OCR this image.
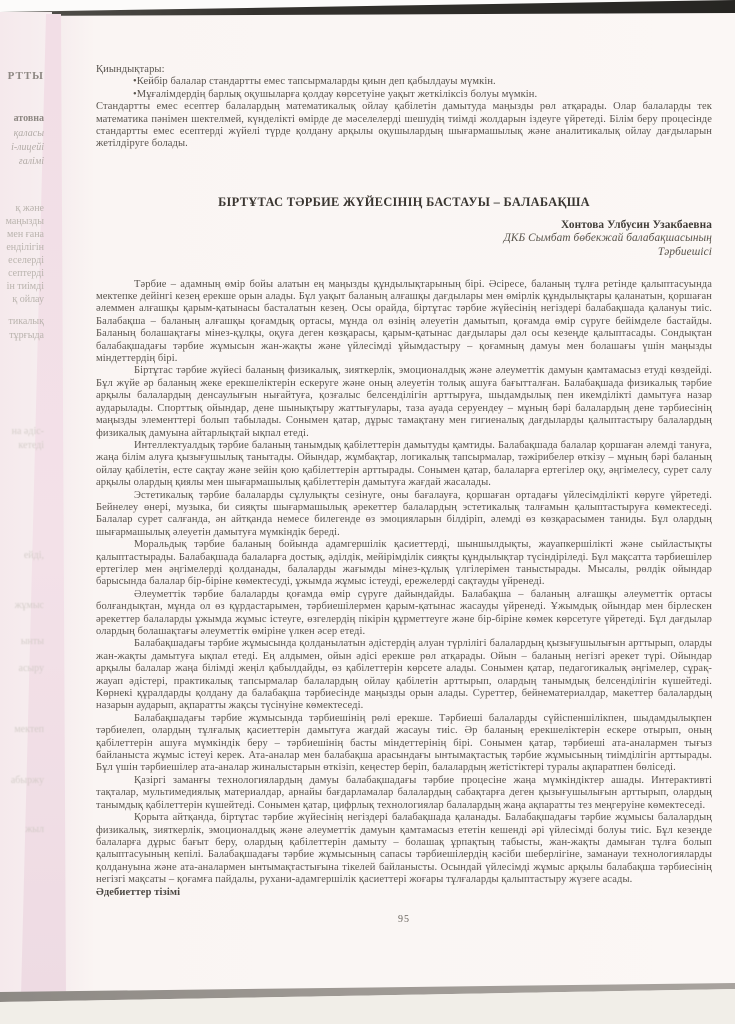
РТТЫ
атовна
қаласы
і-лицейі
ғалімі
қ және
маңызды
мен ғана
енділігін
еселерді
септерді
ін тиімді
қ ойлау
тикалық
тұрғыда
на әдіс-
кетеді
ейді,
жұмыс
ынты
асыру
мектеп
абыржу
жыл
Қиындықтары:
•Кейбір балалар стандартты емес тапсырмаларды қиын деп қабылдауы мүмкін.
•Мұғалімдердің барлық оқушыларға қолдау көрсетуіне уақыт жеткіліксіз болуы мүмкін.

Стандартты емес есептер балалардың математикалық ойлау қабілетін дамытуда маңызды рөл атқарады. Олар балаларды тек математика пәнімен шектелмей, күнделікті өмірде де мәселелерді шешудің тиімді жолдарын іздеуге үйретеді. Білім беру процесінде стандартты емес есептерді жүйелі түрде қолдану арқылы оқушылардың шығармашылық және аналитикалық ойлау дағдыларын жетілдіруге болады.

БІРТҰТАС ТӘРБИЕ ЖҮЙЕСІНІҢ БАСТАУЫ – БАЛАБАҚША
Хонтова Улбусин Узакбаевна
ДКБ Сымбат бөбекжай балабақшасының
Тәрбиешісі

Тәрбие – адамның өмір бойы алатын ең маңызды құндылықтарының бірі. Әсіресе, баланың тұлға ретінде қалыптасуында мектепке дейінгі кезең ерекше орын алады. Бұл уақыт баланың алғашқы дағдылары мен өмірлік құндылықтары қаланатын, қоршаған әлеммен алғашқы қарым-қатынасы басталатын кезең. Осы орайда, біртұтас тәрбие жүйесінің негіздері балабақшада қалануы тиіс. Балабақша – баланың алғашқы қоғамдық ортасы, мұнда ол өзінің әлеуетін дамытып, қоғамда өмір сүруге бейімделе бастайды. Баланың болашақтағы мінез-құлқы, оқуға деген көзқарасы, қарым-қатынас дағдылары дәл осы кезеңде қалыптасады. Сондықтан балабақшадағы тәрбие жұмысын жан-жақты және үйлесімді ұйымдастыру – қоғамның дамуы мен болашағы үшін маңызды міндеттердің бірі.

Біртұтас тәрбие жүйесі баланың физикалық, зияткерлік, эмоционалдық және әлеуметтік дамуын қамтамасыз етуді көздейді. Бұл жүйе әр баланың жеке ерекшеліктерін ескеруге және оның әлеуетін толық ашуға бағытталған. Балабақшада физикалық тәрбие арқылы балалардың денсаулығын нығайтуға, қозғалыс белсенділігін арттыруға, шыдамдылық пен икемділікті дамытуға назар аударылады. Спорттық ойындар, дене шынықтыру жаттығулары, таза ауада серуендеу – мұның бәрі балалардың дене тәрбиесінің маңызды элементтері болып табылады. Сонымен қатар, дұрыс тамақтану мен гигиеналық дағдыларды қалыптастыру балалардың физикалық дамуына айтарлықтай ықпал етеді.

Интеллектуалдық тәрбие баланың танымдық қабілеттерін дамытуды қамтиды. Балабақшада балалар қоршаған әлемді тануға, жаңа білім алуға қызығушылық танытады. Ойындар, жұмбақтар, логикалық тапсырмалар, тәжірибелер өткізу – мұның бәрі баланың ойлау қабілетін, есте сақтау және зейін қою қабілеттерін арттырады. Сонымен қатар, балаларға ертегілер оқу, әңгімелесу, сурет салу арқылы олардың қиялы мен шығармашылық қабілеттерін дамытуға жағдай жасалады.

Эстетикалық тәрбие балаларды сұлулықты сезінуге, оны бағалауға, қоршаған ортадағы үйлесімділікті көруге үйретеді. Бейнелеу өнері, музыка, би сияқты шығармашылық әрекеттер балалардың эстетикалық талғамын қалыптастыруға көмектеседі. Балалар сурет салғанда, ән айтқанда немесе билегенде өз эмоцияларын білдіріп, әлемді өз көзқарасымен таниды. Бұл олардың шығармашылық әлеуетін дамытуға мүмкіндік береді.

Моральдық тәрбие баланың бойында адамгершілік қасиеттерді, шыншылдықты, жауапкершілікті және сыйластықты қалыптастырады. Балабақшада балаларға достық, әділдік, мейірімділік сияқты құндылықтар түсіндіріледі. Бұл мақсатта тәрбиешілер ертегілер мен әңгімелерді қолданады, балаларды жағымды мінез-құлық үлгілерімен таныстырады. Мысалы, рөлдік ойындар барысында балалар бір-біріне көмектесуді, ұжымда жұмыс істеуді, ережелерді сақтауды үйренеді.

Әлеуметтік тәрбие балаларды қоғамда өмір сүруге дайындайды. Балабақша – баланың алғашқы әлеуметтік ортасы болғандықтан, мұнда ол өз құрдастарымен, тәрбиешілермен қарым-қатынас жасауды үйренеді. Ұжымдық ойындар мен бірлескен әрекеттер балаларды ұжымда жұмыс істеуге, өзгелердің пікірін құрметтеуге және бір-біріне көмек көрсетуге үйретеді. Бұл дағдылар олардың болашақтағы әлеуметтік өміріне үлкен әсер етеді.

Балабақшадағы тәрбие жұмысында қолданылатын әдістердің алуан түрлілігі балалардың қызығушылығын арттырып, оларды жан-жақты дамытуға ықпал етеді. Ең алдымен, ойын әдісі ерекше рөл атқарады. Ойын – баланың негізгі әрекет түрі. Ойындар арқылы балалар жаңа білімді жеңіл қабылдайды, өз қабілеттерін көрсете алады. Сонымен қатар, педагогикалық әңгімелер, сұрақ-жауап әдістері, практикалық тапсырмалар балалардың ойлау қабілетін арттырып, олардың танымдық белсенділігін күшейтеді. Көрнекі құралдарды қолдану да балабақша тәрбиесінде маңызды орын алады. Суреттер, бейнематериалдар, макеттер балалардың назарын аударып, ақпаратты жақсы түсінуіне көмектеседі.

Балабақшадағы тәрбие жұмысында тәрбиешінің рөлі ерекше. Тәрбиеші балаларды сүйіспеншілікпен, шыдамдылықпен тәрбиелеп, олардың тұлғалық қасиеттерін дамытуға жағдай жасауы тиіс. Әр баланың ерекшеліктерін ескере отырып, оның қабілеттерін ашуға мүмкіндік беру – тәрбиешінің басты міндеттерінің бірі. Сонымен қатар, тәрбиеші ата-аналармен тығыз байланыста жұмыс істеуі керек. Ата-аналар мен балабақша арасындағы ынтымақтастық тәрбие жұмысының тиімділігін арттырады. Бұл үшін тәрбиешілер ата-аналар жиналыстарын өткізіп, кеңестер беріп, балалардың жетістіктері туралы ақпаратпен бөліседі.

Қазіргі заманғы технологиялардың дамуы балабақшадағы тәрбие процесіне жаңа мүмкіндіктер ашады. Интерактивті тақталар, мультимедиялық материалдар, арнайы бағдарламалар балалардың сабақтарға деген қызығушылығын арттырып, олардың танымдық қабілеттерін күшейтеді. Сонымен қатар, цифрлық технологиялар балалардың жаңа ақпаратты тез меңгеруіне көмектеседі.

Қорыта айтқанда, біртұтас тәрбие жүйесінің негіздері балабақшада қаланады. Балабақшадағы тәрбие жұмысы балалардың физикалық, зияткерлік, эмоционалдық және әлеуметтік дамуын қамтамасыз ететін кешенді әрі үйлесімді болуы тиіс. Бұл кезеңде балаларға дұрыс бағыт беру, олардың қабілеттерін дамыту – болашақ ұрпақтың табысты, жан-жақты дамыған тұлға болып қалыптасуының кепілі. Балабақшадағы тәрбие жұмысының сапасы тәрбиешілердің кәсіби шеберлігіне, заманауи технологияларды қолдануына және ата-аналармен ынтымақтастығына тікелей байланысты. Осындай үйлесімді жұмыс арқылы балабақша тәрбиесінің негізгі мақсаты – қоғамға пайдалы, рухани-адамгершілік қасиеттері жоғары тұлғаларды қалыптастыру жүзеге асады.

Әдебиеттер тізімі
95
